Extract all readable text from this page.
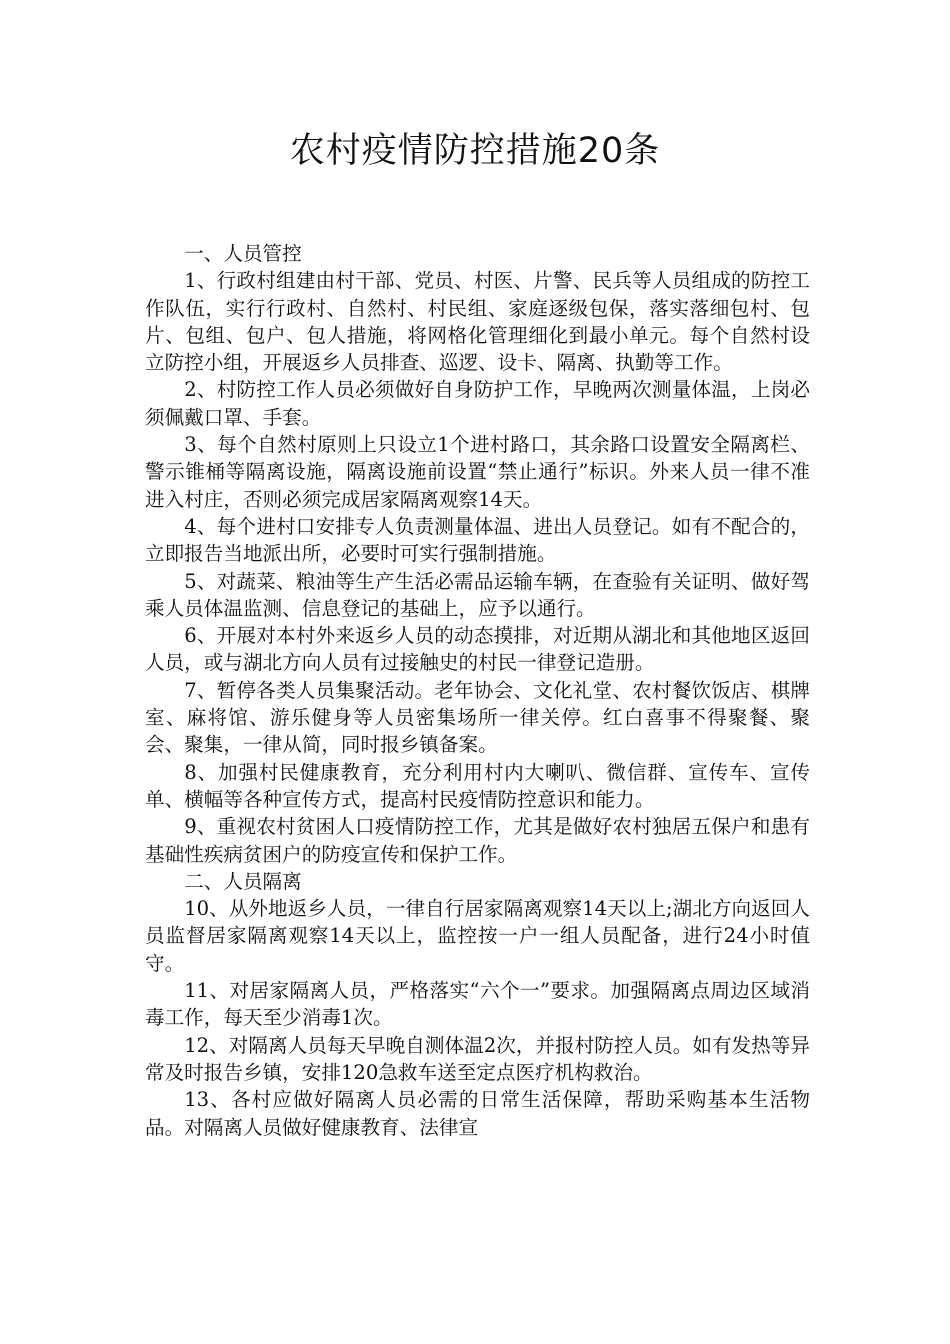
农村疫情防控措施20条

一、人员管控

1、行政村组建由村干部、党员、村医、片警、民兵等人员组成的防控工作队伍，实行行政村、自然村、村民组、家庭逐级包保，落实落细包村、包片、包组、包户、包人措施，将网格化管理细化到最小单元。每个自然村设立防控小组，开展返乡人员排查、巡逻、设卡、隔离、执勤等工作。

2、村防控工作人员必须做好自身防护工作，早晚两次测量体温，上岗必须佩戴口罩、手套。

3、每个自然村原则上只设立1个进村路口，其余路口设置安全隔离栏、警示锥桶等隔离设施，隔离设施前设置“禁止通行”标识。外来人员一律不准进入村庄，否则必须完成居家隔离观察14天。

4、每个进村口安排专人负责测量体温、进出人员登记。如有不配合的，立即报告当地派出所，必要时可实行强制措施。

5、对蔬菜、粮油等生产生活必需品运输车辆，在查验有关证明、做好驾乘人员体温监测、信息登记的基础上，应予以通行。

6、开展对本村外来返乡人员的动态摸排，对近期从湖北和其他地区返回人员，或与湖北方向人员有过接触史的村民一律登记造册。

7、暂停各类人员集聚活动。老年协会、文化礼堂、农村餐饮饭店、棋牌室、麻将馆、游乐健身等人员密集场所一律关停。红白喜事不得聚餐、聚会、聚集，一律从简，同时报乡镇备案。

8、加强村民健康教育，充分利用村内大喇叭、微信群、宣传车、宣传单、横幅等各种宣传方式，提高村民疫情防控意识和能力。

9、重视农村贫困人口疫情防控工作，尤其是做好农村独居五保户和患有基础性疾病贫困户的防疫宣传和保护工作。

二、人员隔离

10、从外地返乡人员，一律自行居家隔离观察14天以上;湖北方向返回人员监督居家隔离观察14天以上，监控按一户一组人员配备，进行24小时值守。

11、对居家隔离人员，严格落实“六个一”要求。加强隔离点周边区域消毒工作，每天至少消毒1次。

12、对隔离人员每天早晚自测体温2次，并报村防控人员。如有发热等异常及时报告乡镇，安排120急救车送至定点医疗机构救治。

13、各村应做好隔离人员必需的日常生活保障，帮助采购基本生活物品。对隔离人员做好健康教育、法律宣
